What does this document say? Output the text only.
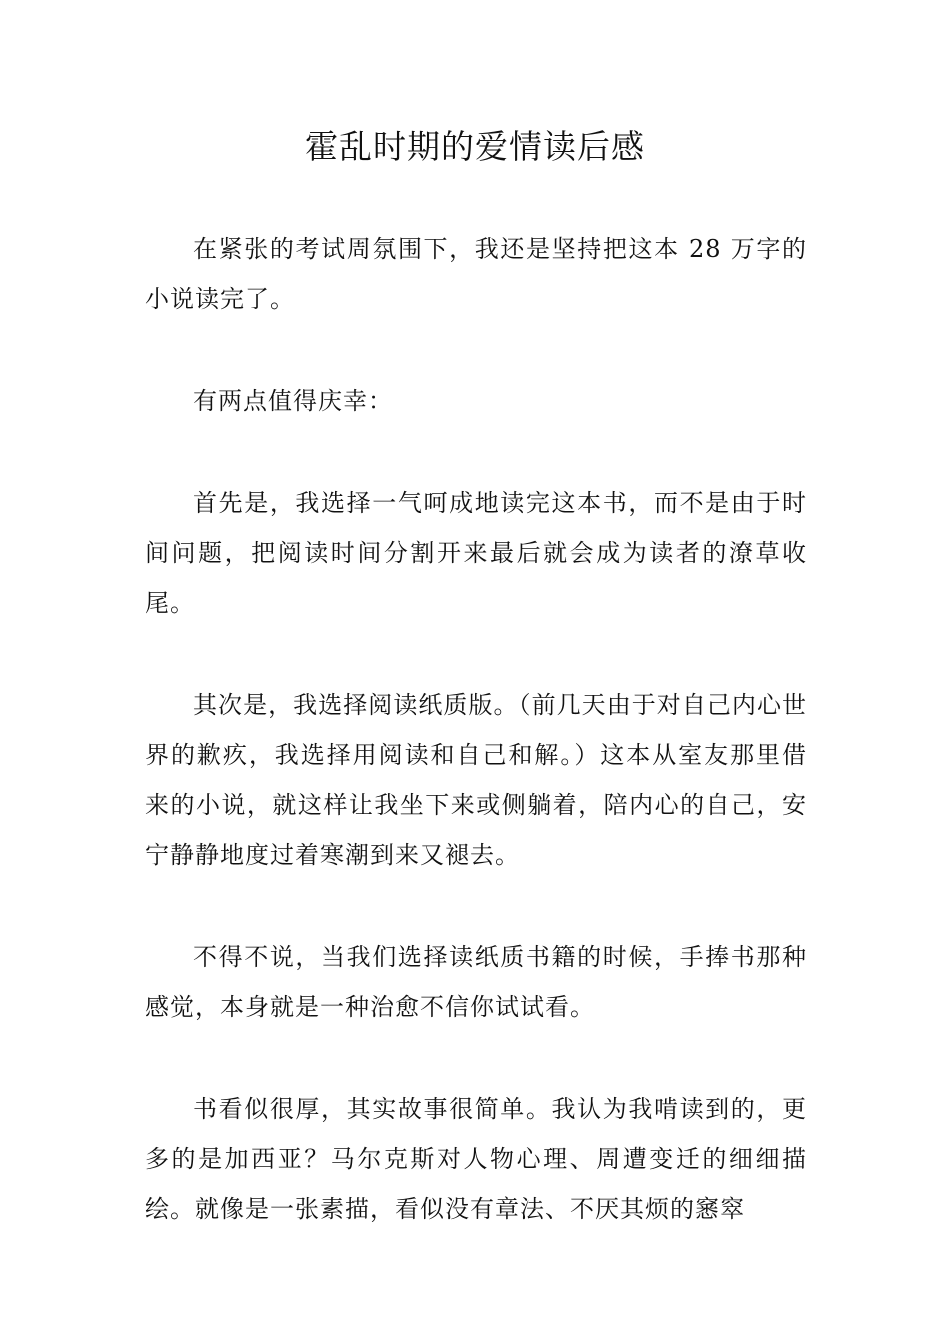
霍乱时期的爱情读后感

在紧张的考试周氛围下，我还是坚持把这本 28 万字的小说读完了。

有两点值得庆幸：

首先是，我选择一气呵成地读完这本书，而不是由于时间问题，把阅读时间分割开来最后就会成为读者的潦草收尾。

其次是，我选择阅读纸质版。（前几天由于对自己内心世界的歉疚，我选择用阅读和自己和解。）这本从室友那里借来的小说，就这样让我坐下来或侧躺着，陪内心的自己，安宁静静地度过着寒潮到来又褪去。

不得不说，当我们选择读纸质书籍的时候，手捧书那种感觉，本身就是一种治愈不信你试试看。

书看似很厚，其实故事很简单。我认为我啃读到的，更多的是加西亚？马尔克斯对人物心理、周遭变迁的细细描绘。就像是一张素描，看似没有章法、不厌其烦的窸窣
